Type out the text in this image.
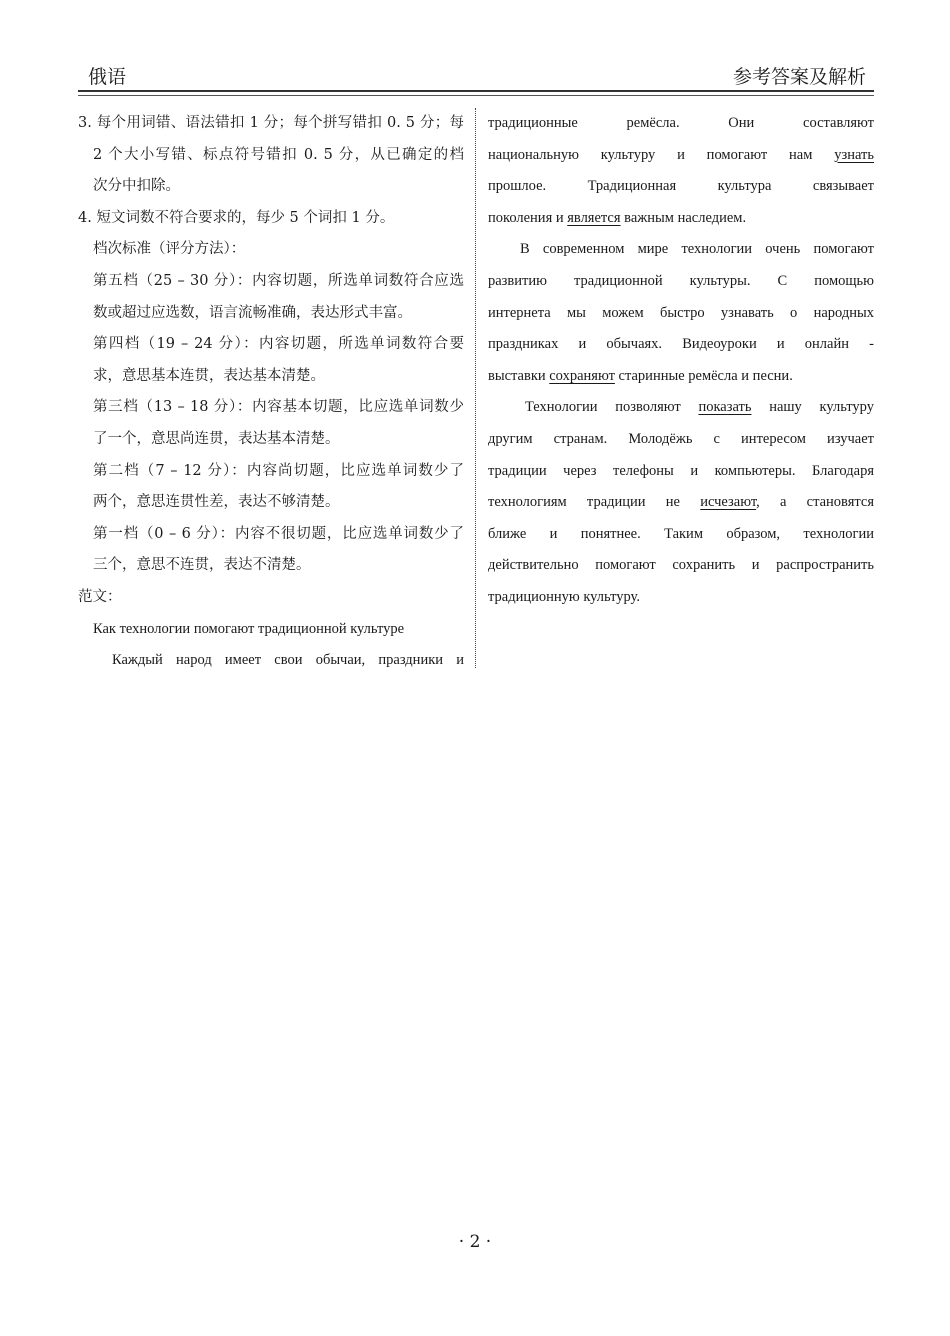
俄语	参考答案及解析
3. 每个用词错、语法错扣 1 分；每个拼写错扣 0. 5 分；每
2 个大小写错、标点符号错扣 0. 5 分，从已确定的档
次分中扣除。
4. 短文词数不符合要求的，每少 5 个词扣 1 分。
档次标准（评分方法）：
第五档（25 – 30 分）：内容切题，所选单词数符合应选
数或超过应选数，语言流畅准确，表达形式丰富。
第四档（19 – 24 分）：内容切题，所选单词数符合要
求，意思基本连贯，表达基本清楚。
第三档（13 – 18 分）：内容基本切题，比应选单词数少
了一个，意思尚连贯，表达基本清楚。
第二档（7 – 12 分）：内容尚切题，比应选单词数少了
两个，意思连贯性差，表达不够清楚。
第一档（0 – 6 分）：内容不很切题，比应选单词数少了
三个，意思不连贯，表达不清楚。
范文：
Как технологии помогают традиционной культуре
Каждый народ имеет свои обычаи, праздники и
традиционные ремёсла. Они составляют
национальную культуру и помогают нам узнать
прошлое. Традиционная культура связывает
поколения и является важным наследием.
В современном мире технологии очень помогают
развитию традиционной культуры. С помощью
интернета мы можем быстро узнавать о народных
праздниках и обычаях. Видеоуроки и онлайн -
выставки сохраняют старинные ремёсла и песни.
Технологии позволяют показать нашу культуру
другим странам. Молодёжь с интересом изучает
традиции через телефоны и компьютеры. Благодаря
технологиям традиции не исчезают, а становятся
ближе и понятнее. Таким образом, технологии
действительно помогают сохранить и распространить
традиционную культуру.
· 2 ·
